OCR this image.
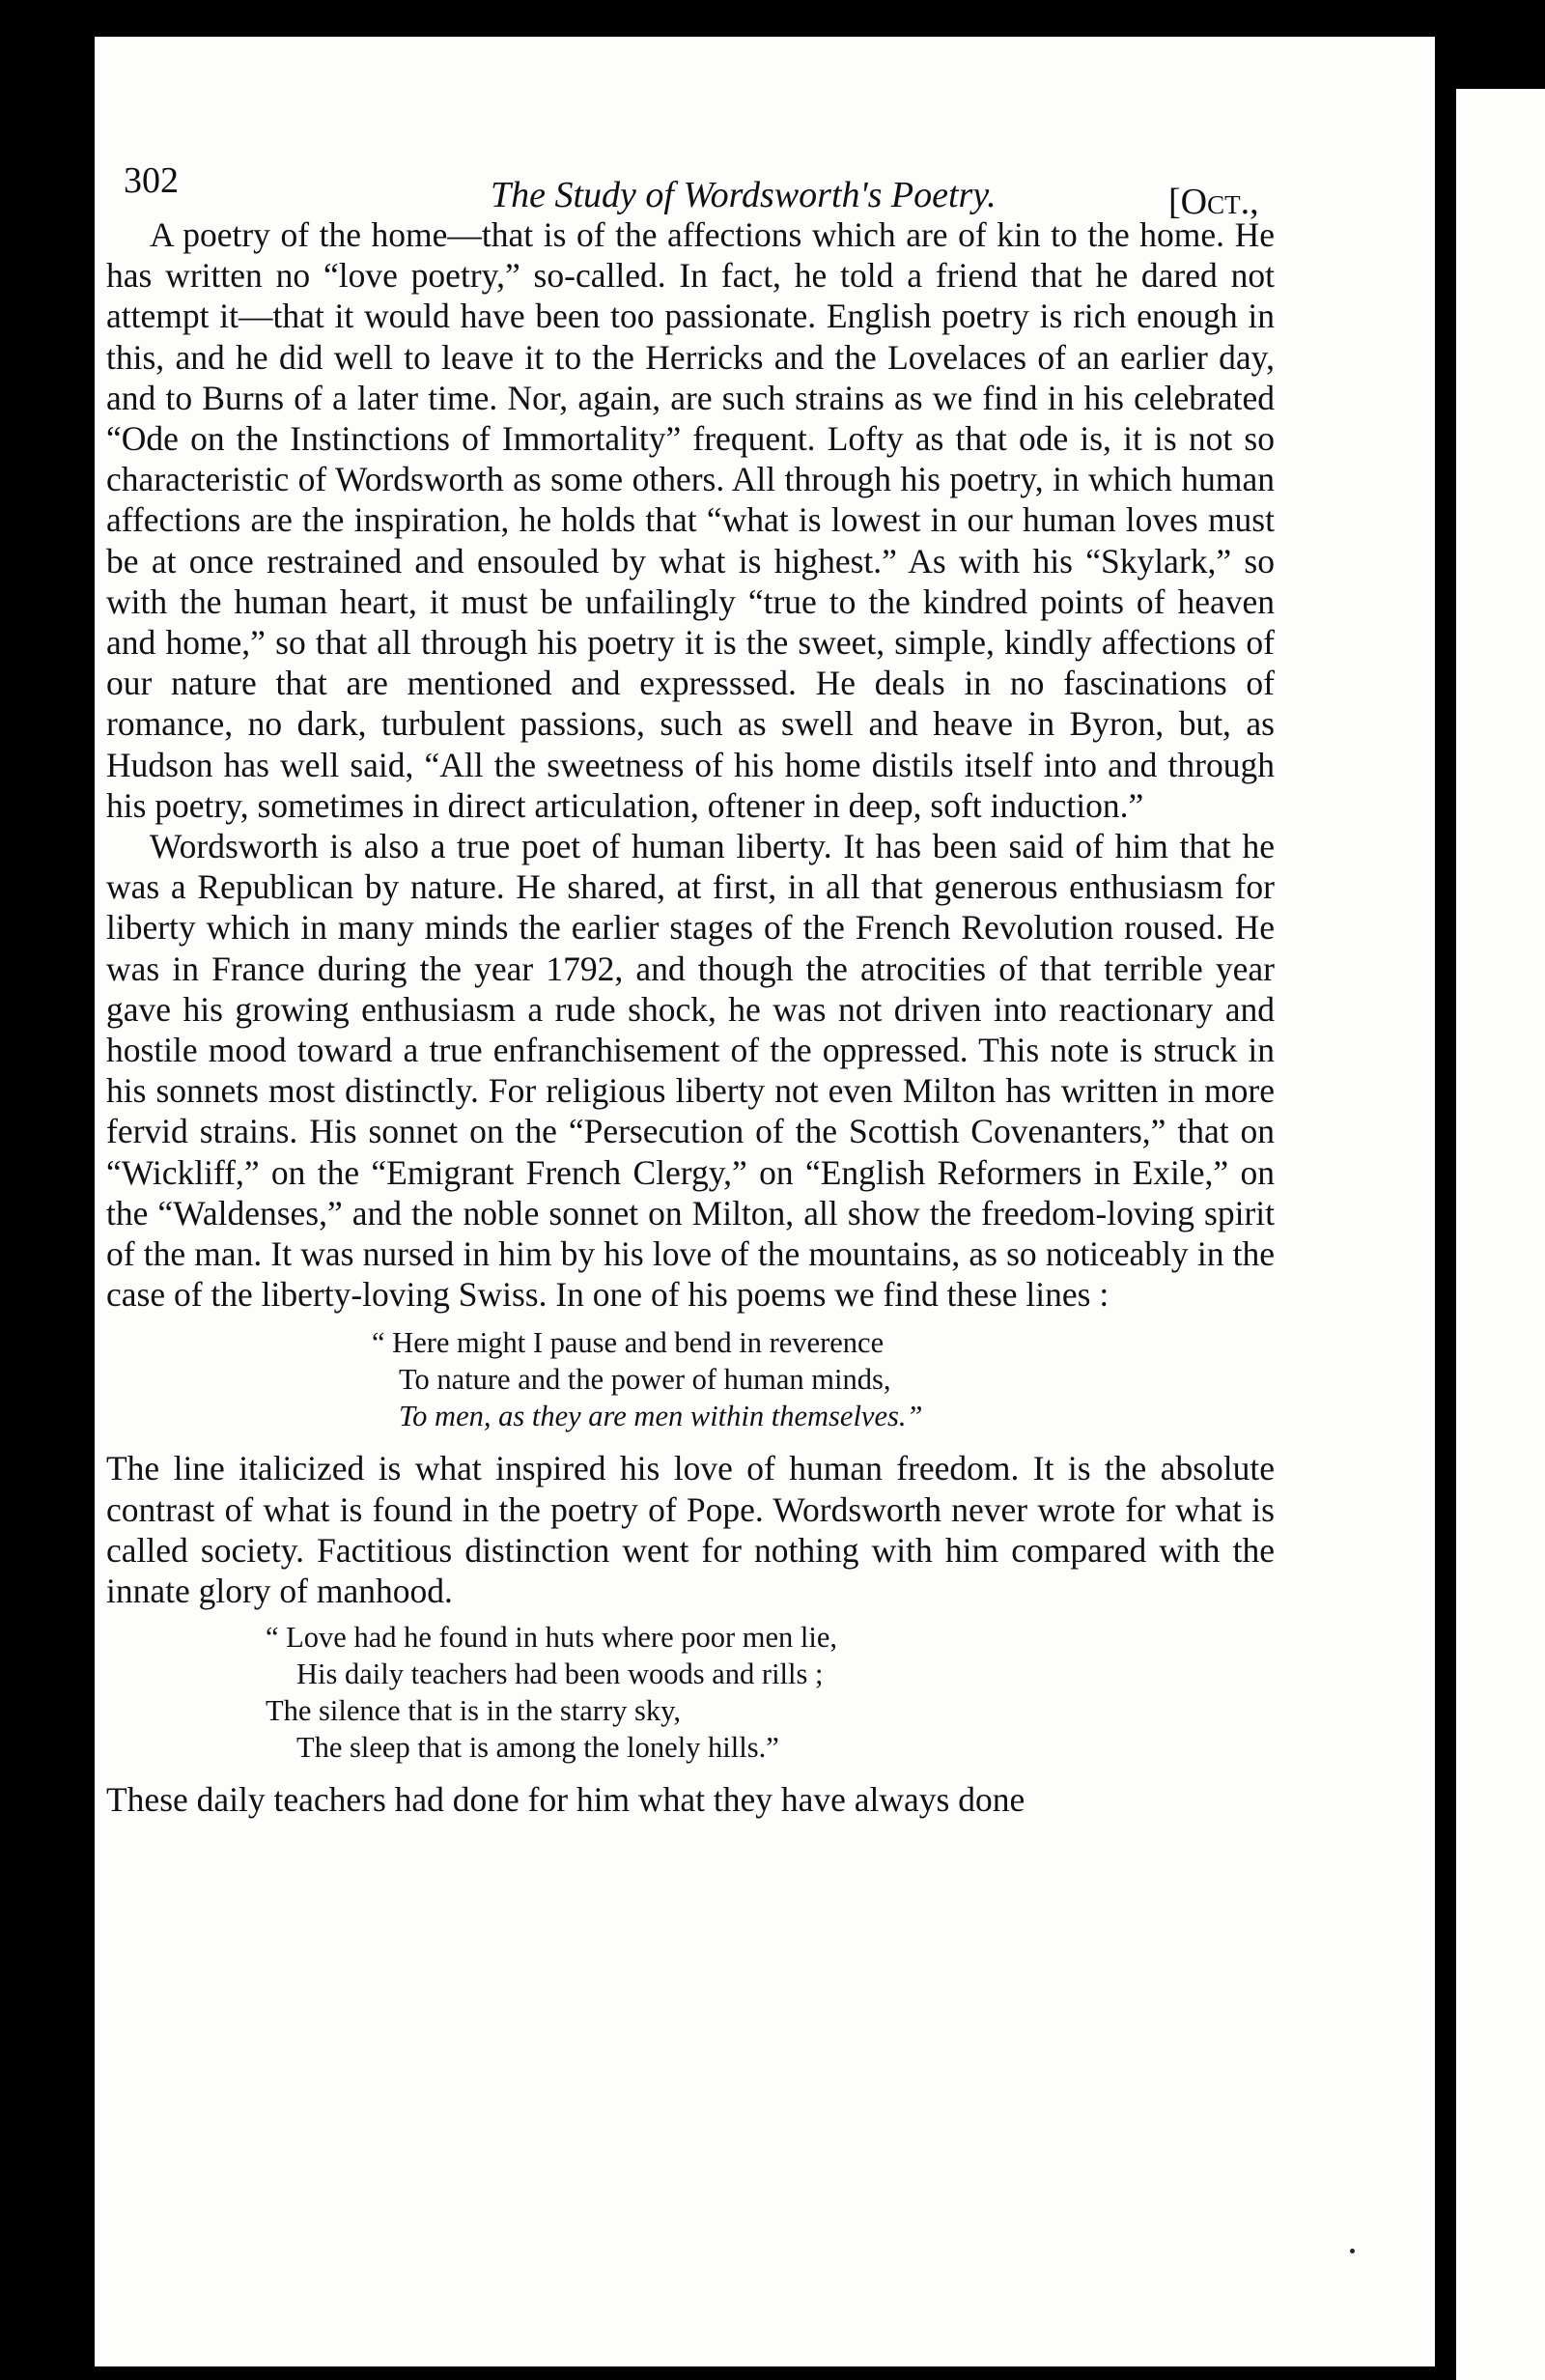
302	The Study of Wordsworth's Poetry.	[Oct.,

A poetry of the home—that is of the affections which are of kin to the home. He has written no “love poetry,” so-called. In fact, he told a friend that he dared not attempt it—that it would have been too passionate. English poetry is rich enough in this, and he did well to leave it to the Herricks and the Lovelaces of an earlier day, and to Burns of a later time. Nor, again, are such strains as we find in his celebrated “Ode on the Instinctions of Immortality” frequent. Lofty as that ode is, it is not so characteristic of Wordsworth as some others. All through his poetry, in which human affections are the inspiration, he holds that “what is lowest in our human loves must be at once restrained and ensouled by what is highest.” As with his “Skylark,” so with the human heart, it must be unfailingly “true to the kindred points of heaven and home,” so that all through his poetry it is the sweet, simple, kindly affections of our nature that are mentioned and expresssed. He deals in no fascinations of romance, no dark, turbulent passions, such as swell and heave in Byron, but, as Hudson has well said, “All the sweetness of his home distils itself into and through his poetry, sometimes in direct articulation, oftener in deep, soft induction.”

Wordsworth is also a true poet of human liberty. It has been said of him that he was a Republican by nature. He shared, at first, in all that generous enthusiasm for liberty which in many minds the earlier stages of the French Revolution roused. He was in France during the year 1792, and though the atrocities of that terrible year gave his growing enthusiasm a rude shock, he was not driven into reactionary and hostile mood toward a true enfranchisement of the oppressed. This note is struck in his sonnets most distinctly. For religious liberty not even Milton has written in more fervid strains. His sonnet on the “Persecution of the Scottish Covenanters,” that on “Wickliff,” on the “Emigrant French Clergy,” on “English Reformers in Exile,” on the “Waldenses,” and the noble sonnet on Milton, all show the freedom-loving spirit of the man. It was nursed in him by his love of the mountains, as so noticeably in the case of the liberty-loving Swiss. In one of his poems we find these lines :

“ Here might I pause and bend in reverence
To nature and the power of human minds,
To men, as they are men within themselves.”

The line italicized is what inspired his love of human freedom. It is the absolute contrast of what is found in the poetry of Pope. Wordsworth never wrote for what is called society. Factitious distinction went for nothing with him compared with the innate glory of manhood.

“ Love had he found in huts where poor men lie,
His daily teachers had been woods and rills ;
The silence that is in the starry sky,
The sleep that is among the lonely hills.”

These daily teachers had done for him what they have always done
